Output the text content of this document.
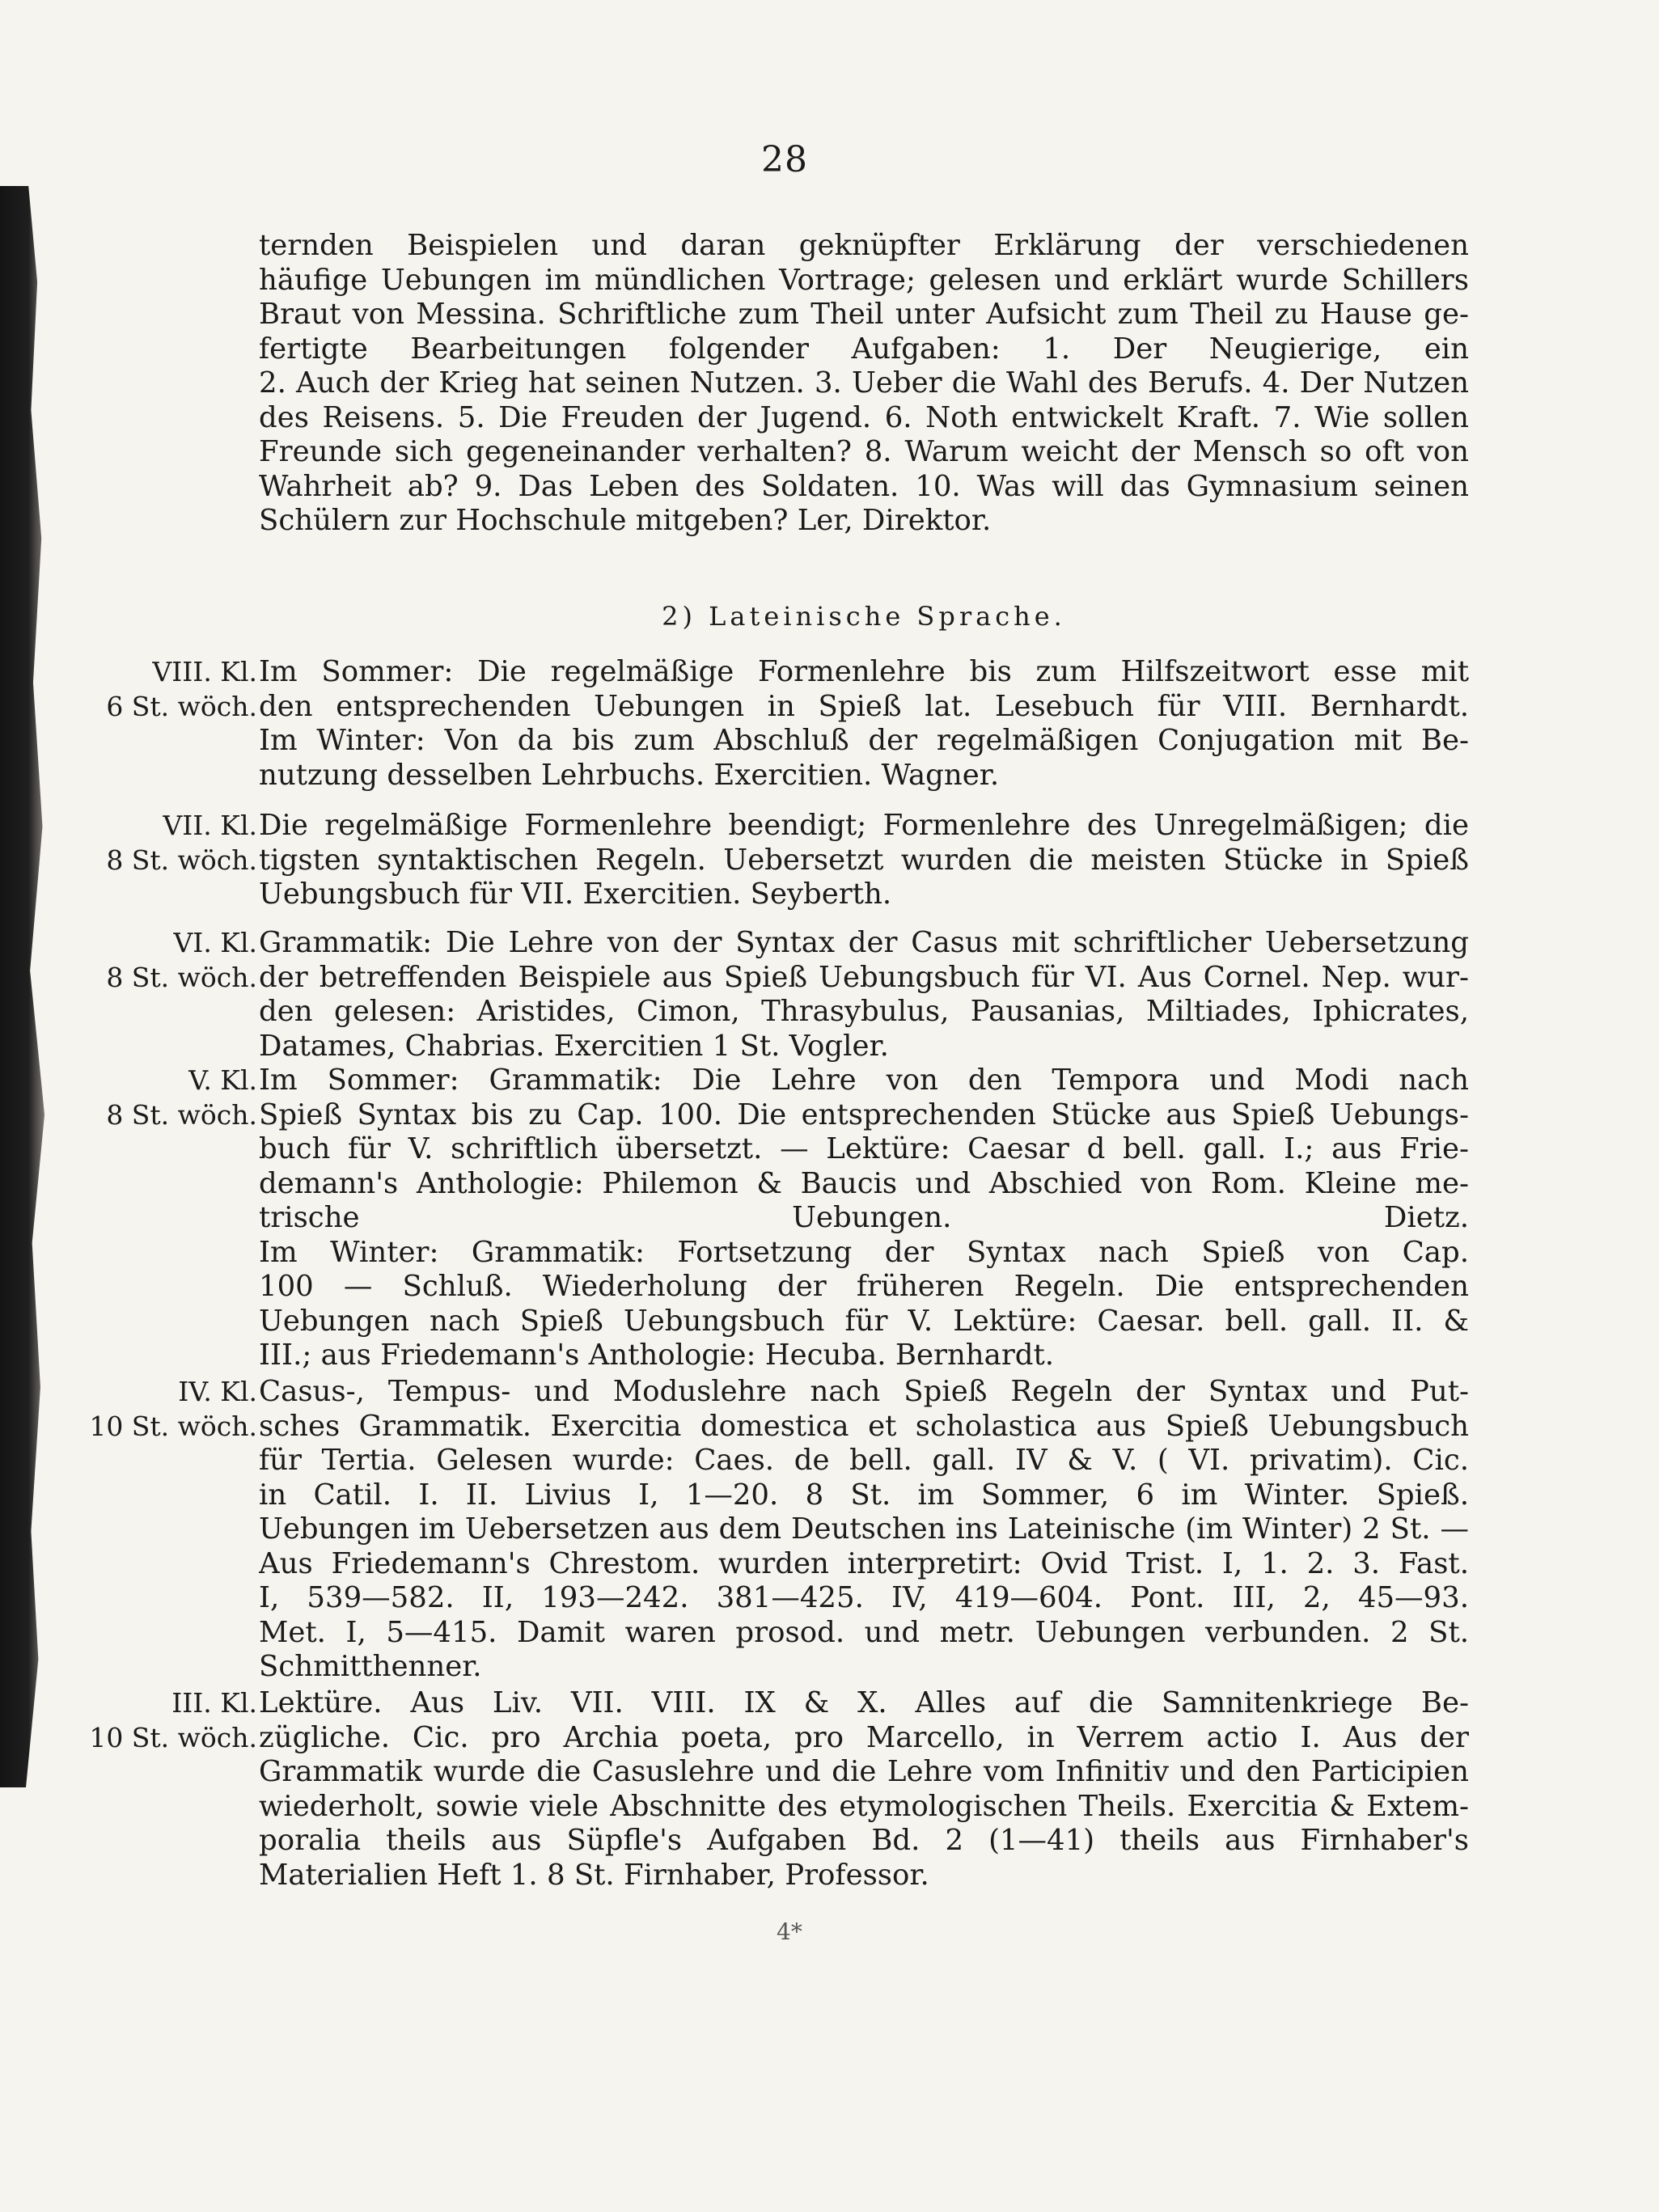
28
ternden Beispielen und daran geknüpfter Erklärung der verschiedenen
häufige Uebungen im mündlichen Vortrage; gelesen und erklärt wurde Schillers
Braut von Messina. Schriftliche zum Theil unter Aufsicht zum Theil zu Hause ge-
fertigte Bearbeitungen folgender Aufgaben: 1. Der Neugierige, ein
2. Auch der Krieg hat seinen Nutzen. 3. Ueber die Wahl des Berufs. 4. Der Nutzen
des Reisens. 5. Die Freuden der Jugend. 6. Noth entwickelt Kraft. 7. Wie sollen
Freunde sich gegeneinander verhalten? 8. Warum weicht der Mensch so oft von
Wahrheit ab? 9. Das Leben des Soldaten. 10. Was will das Gymnasium seinen
Schülern zur Hochschule mitgeben? Ler, Direktor.
2) Lateinische Sprache.
VIII. Kl.
6 St. wöch.
Im Sommer: Die regelmäßige Formenlehre bis zum Hilfszeitwort esse mit
den entsprechenden Uebungen in Spieß lat. Lesebuch für VIII. Bernhardt.
Im Winter: Von da bis zum Abschluß der regelmäßigen Conjugation mit Be-
nutzung desselben Lehrbuchs. Exercitien. Wagner.
VII. Kl.
8 St. wöch.
Die regelmäßige Formenlehre beendigt; Formenlehre des Unregelmäßigen; die
tigsten syntaktischen Regeln. Uebersetzt wurden die meisten Stücke in Spieß
Uebungsbuch für VII. Exercitien. Seyberth.
VI. Kl.
8 St. wöch.
Grammatik: Die Lehre von der Syntax der Casus mit schriftlicher Uebersetzung
der betreffenden Beispiele aus Spieß Uebungsbuch für VI. Aus Cornel. Nep. wur-
den gelesen: Aristides, Cimon, Thrasybulus, Pausanias, Miltiades, Iphicrates,
Datames, Chabrias. Exercitien 1 St. Vogler.
V. Kl.
8 St. wöch.
Im Sommer: Grammatik: Die Lehre von den Tempora und Modi nach
Spieß Syntax bis zu Cap. 100. Die entsprechenden Stücke aus Spieß Uebungs-
buch für V. schriftlich übersetzt. — Lektüre: Caesar d bell. gall. I.; aus Frie-
demann's Anthologie: Philemon & Baucis und Abschied von Rom. Kleine me-
trische Uebungen. Dietz.
Im Winter: Grammatik: Fortsetzung der Syntax nach Spieß von Cap.
100 — Schluß. Wiederholung der früheren Regeln. Die entsprechenden
Uebungen nach Spieß Uebungsbuch für V. Lektüre: Caesar. bell. gall. II. &
III.; aus Friedemann's Anthologie: Hecuba. Bernhardt.
IV. Kl.
10 St. wöch.
Casus-, Tempus- und Moduslehre nach Spieß Regeln der Syntax und Put-
sches Grammatik. Exercitia domestica et scholastica aus Spieß Uebungsbuch
für Tertia. Gelesen wurde: Caes. de bell. gall. IV & V. ( VI. privatim). Cic.
in Catil. I. II. Livius I, 1—20. 8 St. im Sommer, 6 im Winter. Spieß.
Uebungen im Uebersetzen aus dem Deutschen ins Lateinische (im Winter) 2 St. —
Aus Friedemann's Chrestom. wurden interpretirt: Ovid Trist. I, 1. 2. 3. Fast.
I, 539—582. II, 193—242. 381—425. IV, 419—604. Pont. III, 2, 45—93.
Met. I, 5—415. Damit waren prosod. und metr. Uebungen verbunden. 2 St.
Schmitthenner.
III. Kl.
10 St. wöch.
Lektüre. Aus Liv. VII. VIII. IX & X. Alles auf die Samnitenkriege Be-
zügliche. Cic. pro Archia poeta, pro Marcello, in Verrem actio I. Aus der
Grammatik wurde die Casuslehre und die Lehre vom Infinitiv und den Participien
wiederholt, sowie viele Abschnitte des etymologischen Theils. Exercitia & Extem-
poralia theils aus Süpfle's Aufgaben Bd. 2 (1—41) theils aus Firnhaber's
Materialien Heft 1. 8 St. Firnhaber, Professor.
4*
